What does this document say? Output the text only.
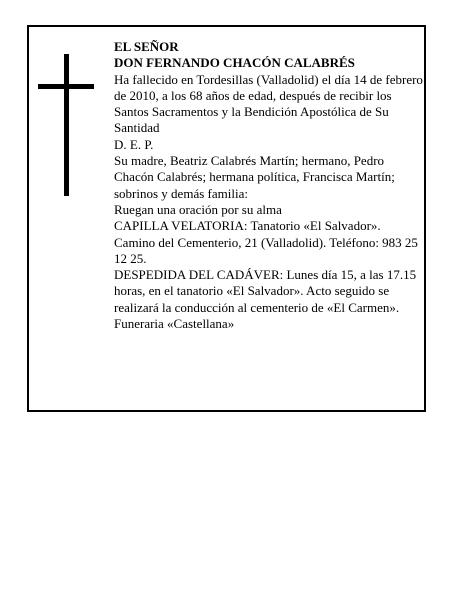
EL SEÑOR

DON FERNANDO CHACÓN CALABRÉS

Ha fallecido en Tordesillas (Valladolid) el día 14 de febrero de 2010, a los 68 años de edad, después de recibir los Santos Sacramentos y la Bendición Apostólica de Su Santidad

D. E. P.

Su madre, Beatriz Calabrés Martín; hermano, Pedro Chacón Calabrés; hermana política, Francisca Martín; sobrinos y demás familia:

Ruegan una oración por su alma

CAPILLA VELATORIA: Tanatorio «El Salvador». Camino del Cementerio, 21 (Valladolid). Teléfono: 983 25 12 25.

DESPEDIDA DEL CADÁVER: Lunes día 15, a las 17.15 horas, en el tanatorio «El Salvador». Acto seguido se realizará la conducción al cementerio de «El Carmen».

Funeraria «Castellana»
